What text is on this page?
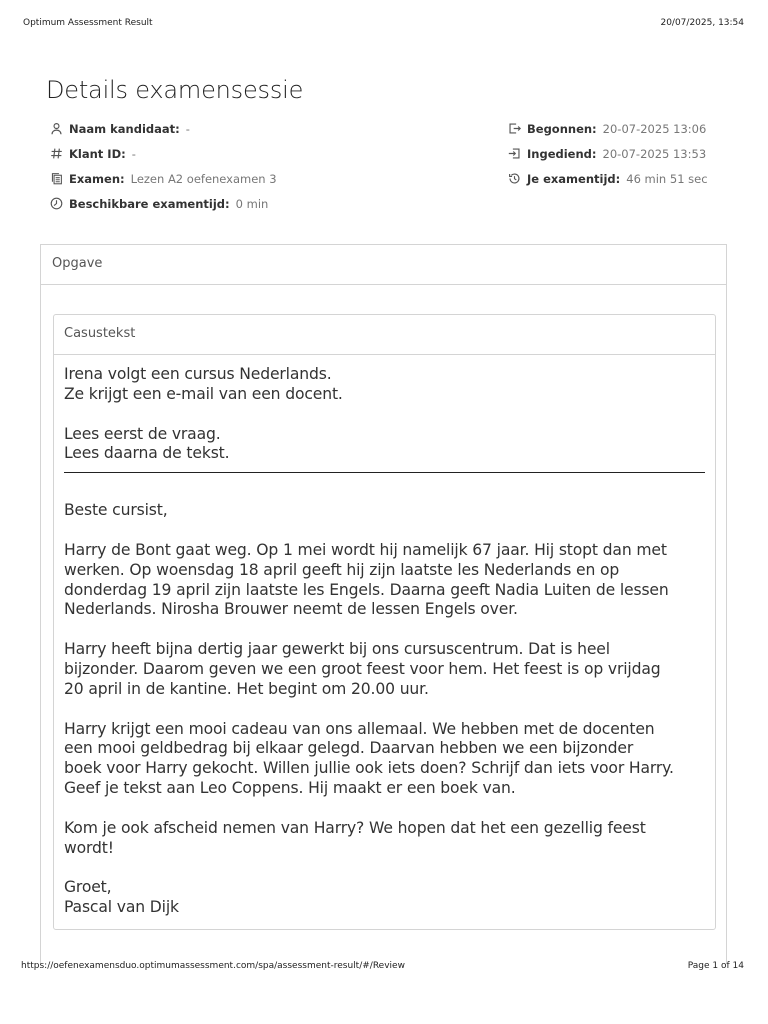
Optimum Assessment Result	20/07/2025, 13:54
Details examensessie
Naam kandidaat: -
Klant ID: -
Examen: Lezen A2 oefenexamen 3
Beschikbare examentijd: 0 min
Begonnen: 20-07-2025 13:06
Ingediend: 20-07-2025 13:53
Je examentijd: 46 min 51 sec
Opgave
Casustekst

Irena volgt een cursus Nederlands.

Ze krijgt een e-mail van een docent.

Lees eerst de vraag.

Lees daarna de tekst.

Beste cursist,

Harry de Bont gaat weg. Op 1 mei wordt hij namelijk 67 jaar. Hij stopt dan met

werken. Op woensdag 18 april geeft hij zijn laatste les Nederlands en op

donderdag 19 april zijn laatste les Engels. Daarna geeft Nadia Luiten de lessen

Nederlands. Nirosha Brouwer neemt de lessen Engels over.

Harry heeft bijna dertig jaar gewerkt bij ons cursuscentrum. Dat is heel

bijzonder. Daarom geven we een groot feest voor hem. Het feest is op vrijdag

20 april in de kantine. Het begint om 20.00 uur.

Harry krijgt een mooi cadeau van ons allemaal. We hebben met de docenten

een mooi geldbedrag bij elkaar gelegd. Daarvan hebben we een bijzonder

boek voor Harry gekocht. Willen jullie ook iets doen? Schrijf dan iets voor Harry.

Geef je tekst aan Leo Coppens. Hij maakt er een boek van.

Kom je ook afscheid nemen van Harry? We hopen dat het een gezellig feest

wordt!

Groet,

Pascal van Dijk

https://oefenexamensduo.optimumassessment.com/spa/assessment-result/#/Review	Page 1 of 14
